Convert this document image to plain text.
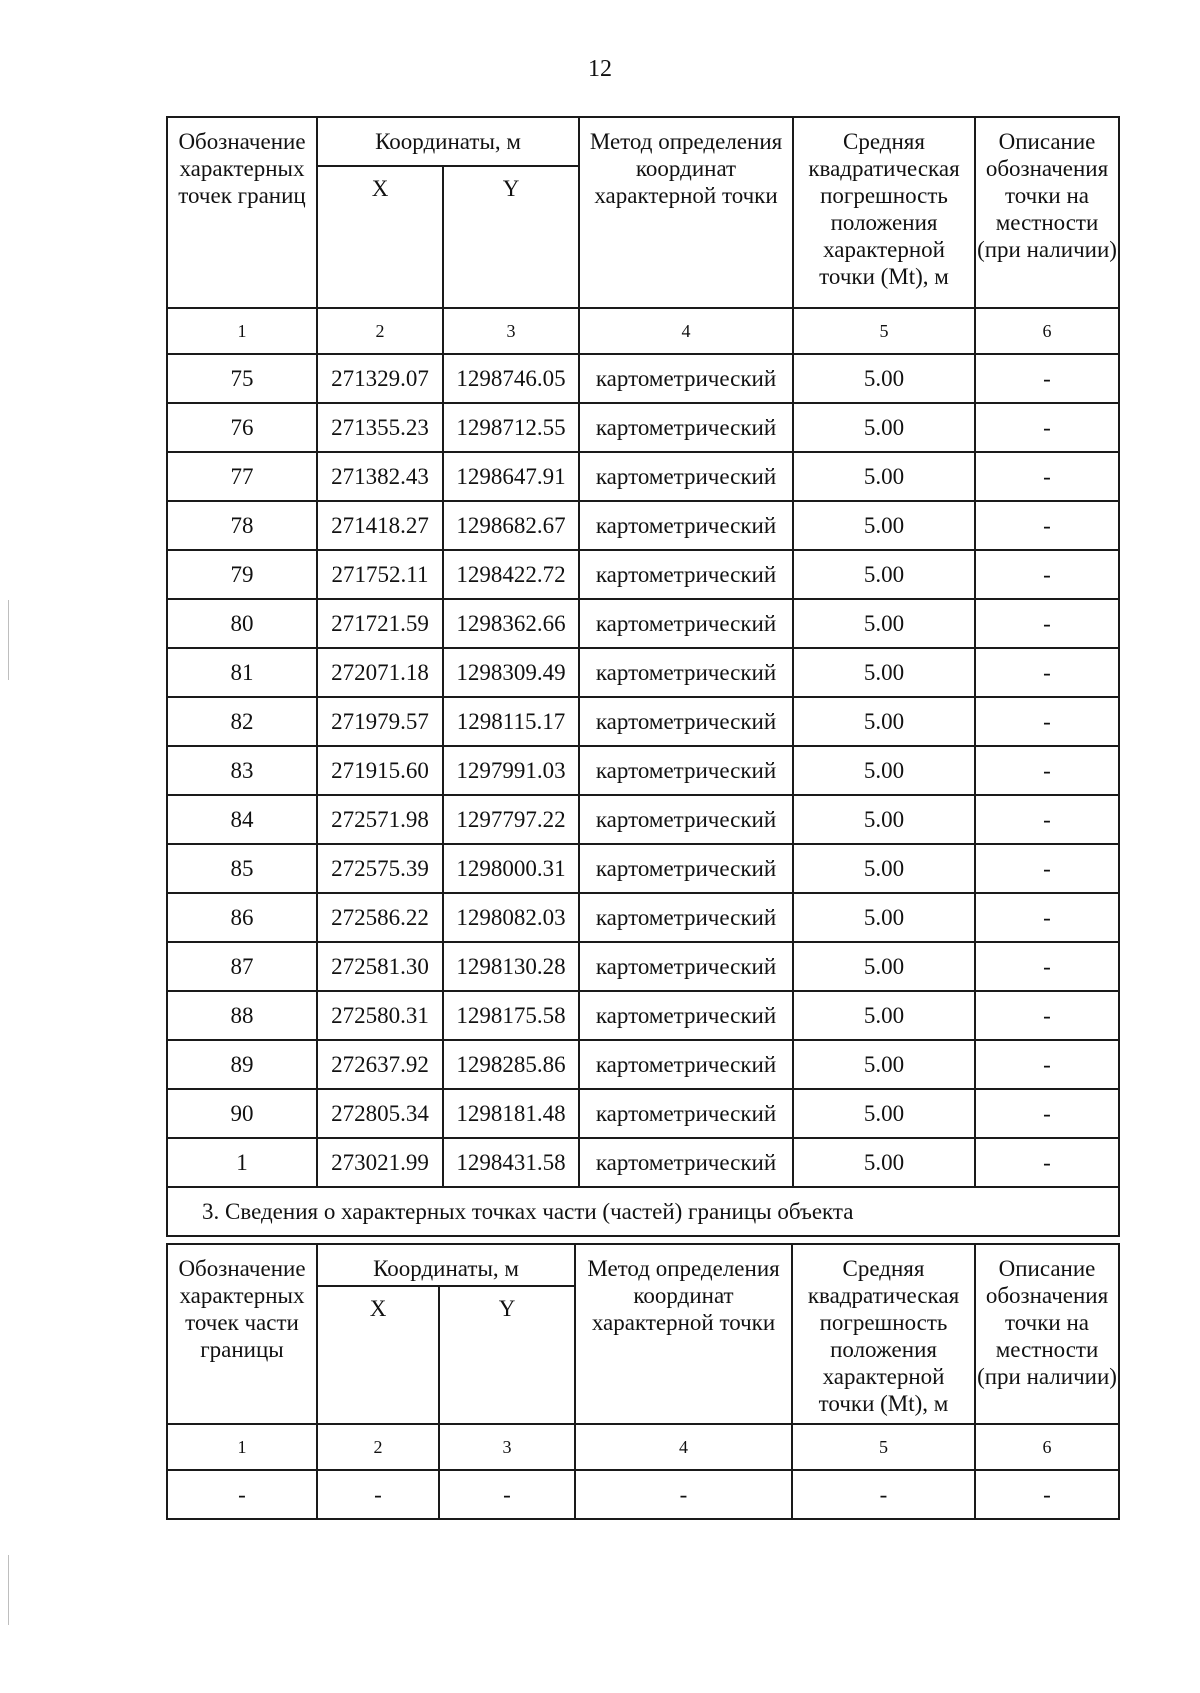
12
Обозначение характерных точек границ	Координаты, м		Метод определения координат характерной точки	Средняя квадратическая погрешность положения характерной точки (Mt), м	Описание обозначения точки на местности (при наличии)
	X	Y			
1	2	3	4	5	6
75	271329.07	1298746.05	картометрический	5.00	-
76	271355.23	1298712.55	картометрический	5.00	-
77	271382.43	1298647.91	картометрический	5.00	-
78	271418.27	1298682.67	картометрический	5.00	-
79	271752.11	1298422.72	картометрический	5.00	-
80	271721.59	1298362.66	картометрический	5.00	-
81	272071.18	1298309.49	картометрический	5.00	-
82	271979.57	1298115.17	картометрический	5.00	-
83	271915.60	1297991.03	картометрический	5.00	-
84	272571.98	1297797.22	картометрический	5.00	-
85	272575.39	1298000.31	картометрический	5.00	-
86	272586.22	1298082.03	картометрический	5.00	-
87	272581.30	1298130.28	картометрический	5.00	-
88	272580.31	1298175.58	картометрический	5.00	-
89	272637.92	1298285.86	картометрический	5.00	-
90	272805.34	1298181.48	картометрический	5.00	-
1	273021.99	1298431.58	картометрический	5.00	-
3. Сведения о характерных точках части (частей) границы объекта					
Обозначение характерных точек части границы	Координаты, м		Метод определения координат характерной точки	Средняя квадратическая погрешность положения характерной точки (Mt), м	Описание обозначения точки на местности (при наличии)
	X	Y			
1	2	3	4	5	6
-	-	-	-	-	-
